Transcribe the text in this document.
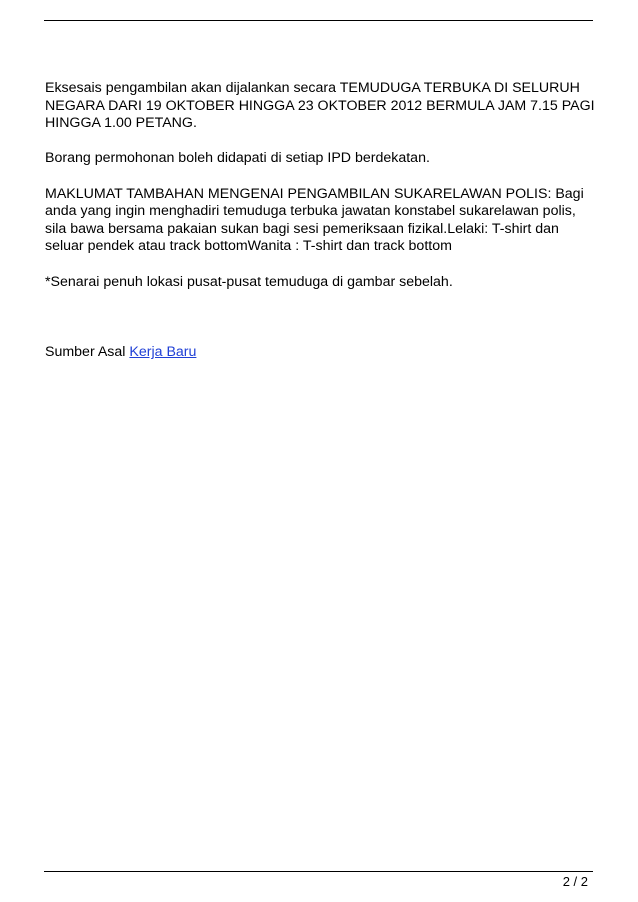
Eksesais pengambilan akan dijalankan secara TEMUDUGA TERBUKA DI SELURUH NEGARA DARI 19 OKTOBER HINGGA 23 OKTOBER 2012 BERMULA JAM 7.15 PAGI HINGGA 1.00 PETANG.

Borang permohonan boleh didapati di setiap IPD berdekatan.

MAKLUMAT TAMBAHAN MENGENAI PENGAMBILAN SUKARELAWAN POLIS: Bagi anda yang ingin menghadiri temuduga terbuka jawatan konstabel sukarelawan polis, sila bawa bersama pakaian sukan bagi sesi pemeriksaan fizikal.Lelaki: T-shirt dan seluar pendek atau track bottomWanita : T-shirt dan track bottom

*Senarai penuh lokasi pusat-pusat temuduga di gambar sebelah.

Sumber Asal Kerja Baru

2 / 2
